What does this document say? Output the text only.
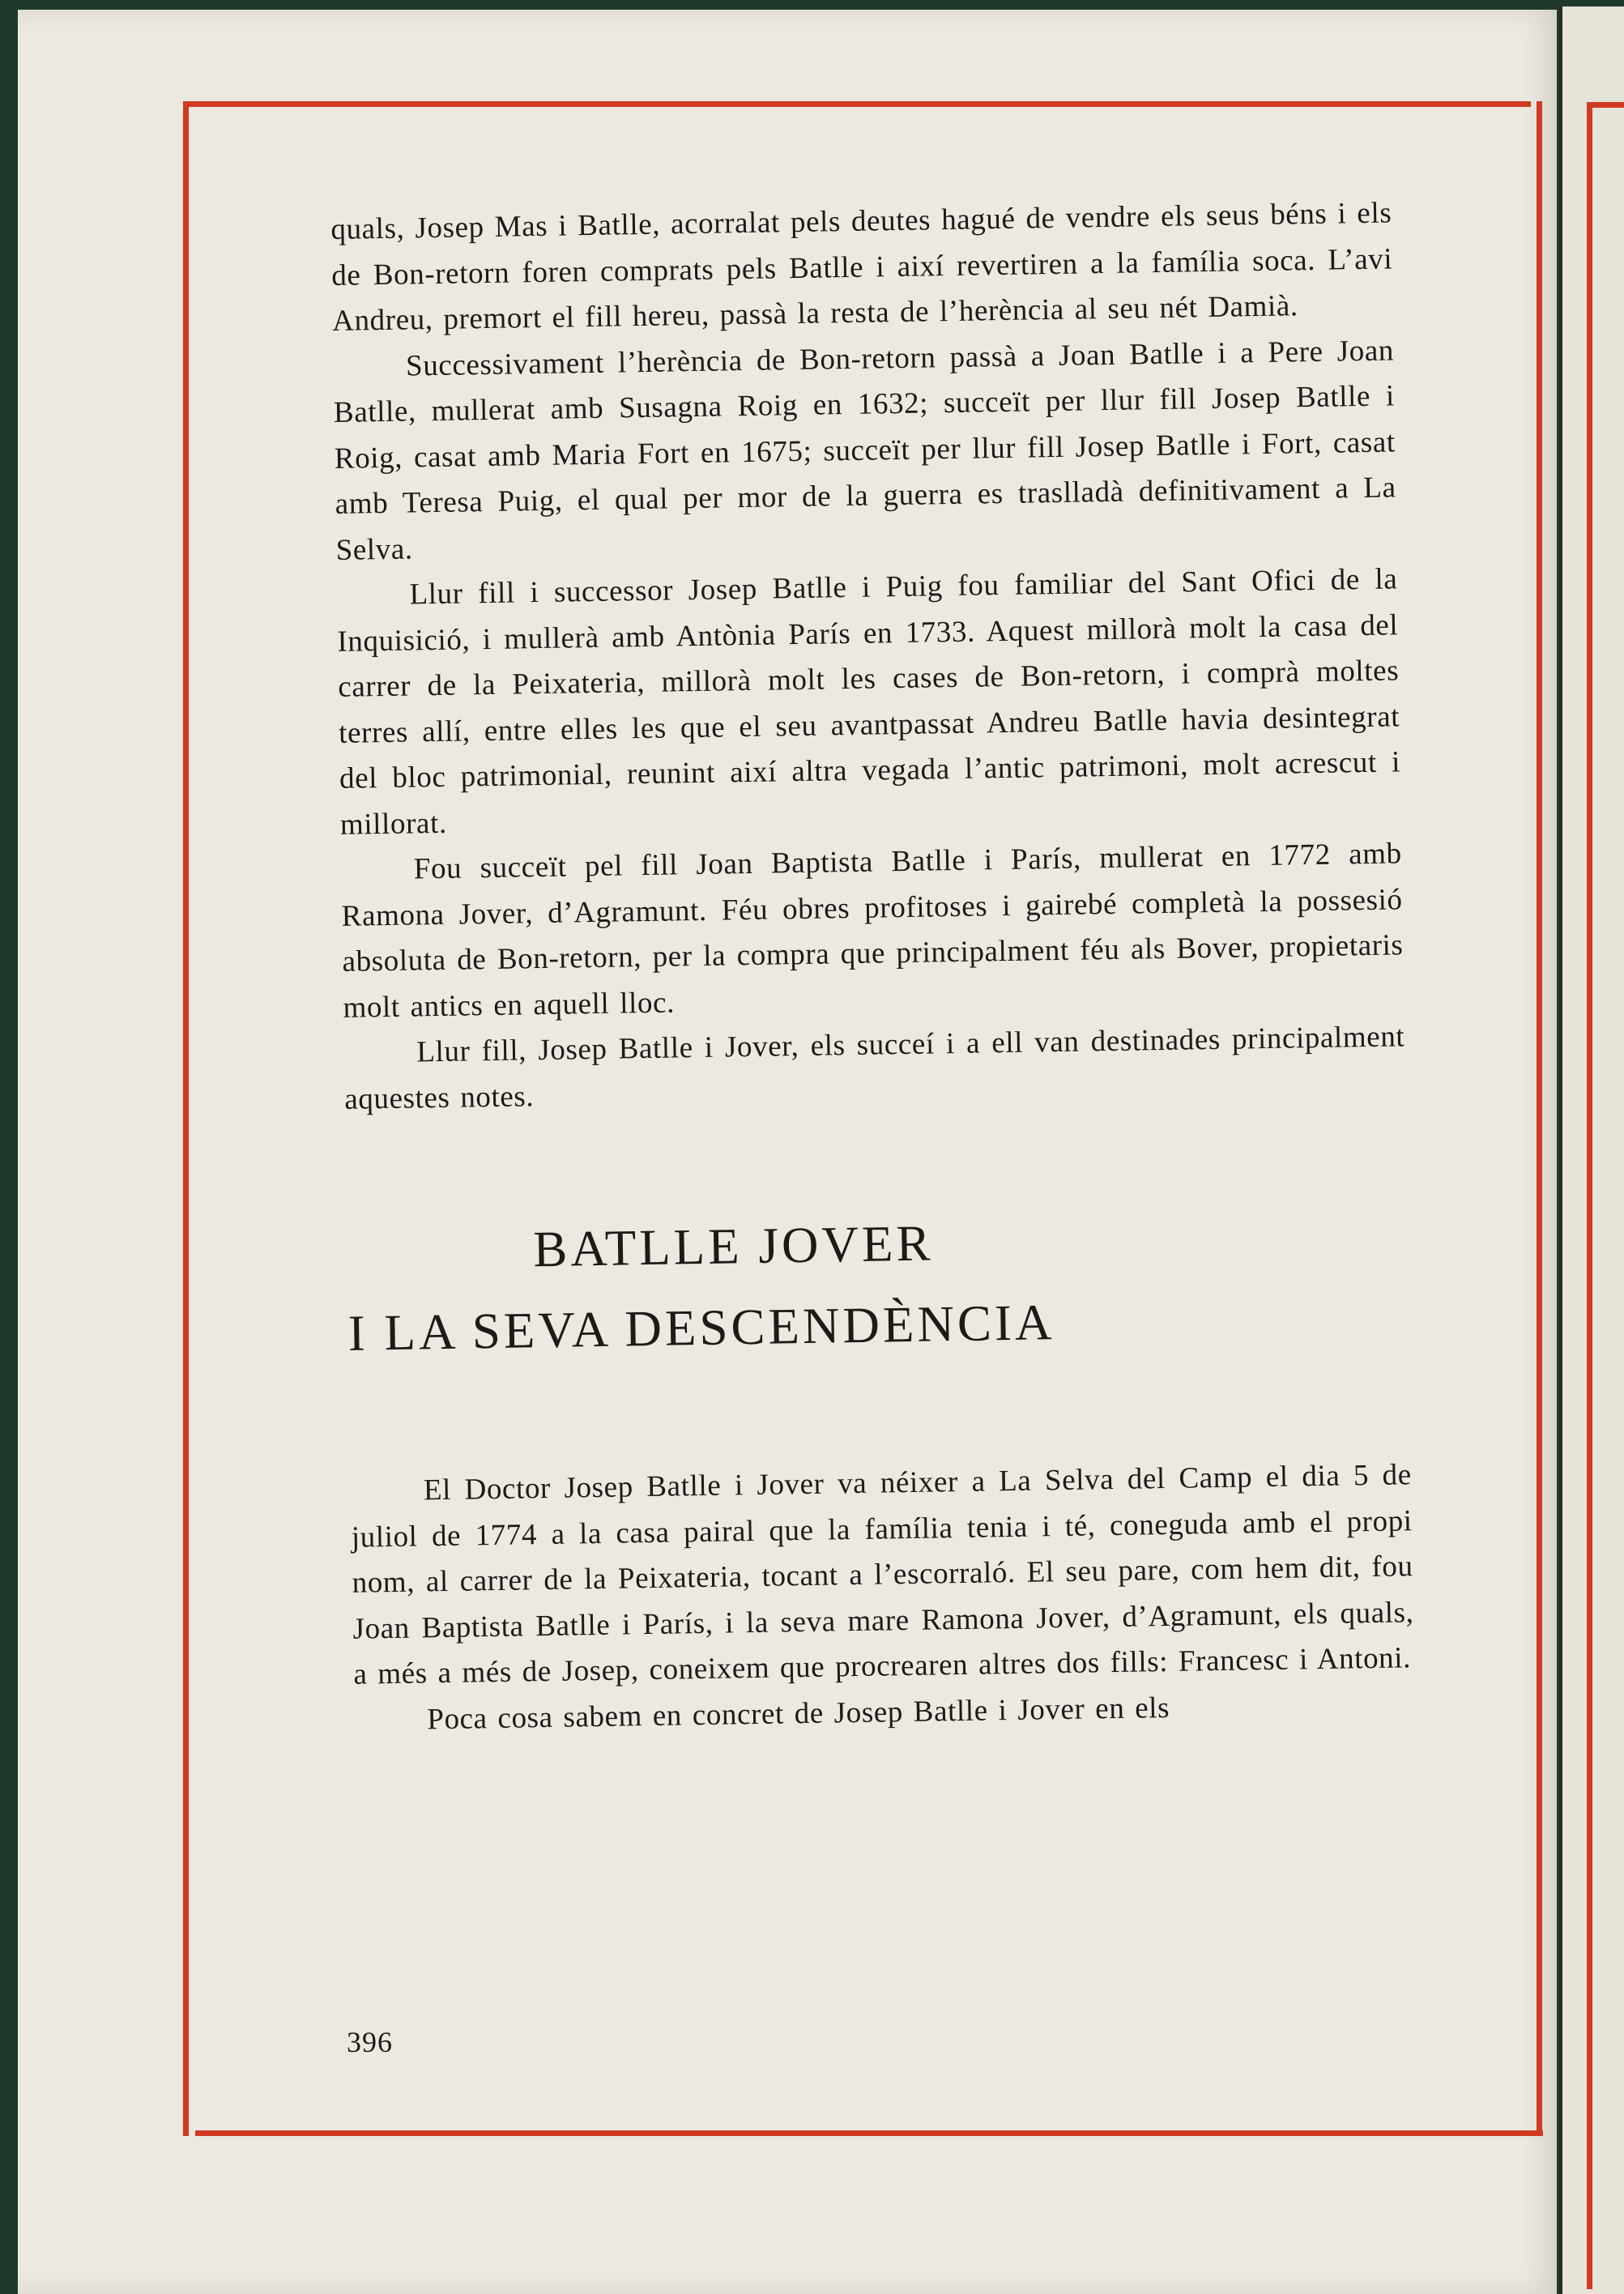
quals, Josep Mas i Batlle, acorralat pels deutes hagué de vendre els seus béns i els de Bon-retorn foren comprats pels Batlle i així revertiren a la família soca. L’avi Andreu, premort el fill hereu, passà la resta de l’herència al seu nét Damià.

Successivament l’herència de Bon-retorn passà a Joan Batlle i a Pere Joan Batlle, mullerat amb Susagna Roig en 1632; succeït per llur fill Josep Batlle i Roig, casat amb Maria Fort en 1675; succeït per llur fill Josep Batlle i Fort, casat amb Teresa Puig, el qual per mor de la guerra es traslladà definitivament a La Selva.

Llur fill i successor Josep Batlle i Puig fou familiar del Sant Ofici de la Inquisició, i mullerà amb Antònia París en 1733. Aquest millorà molt la casa del carrer de la Peixateria, millorà molt les cases de Bon-retorn, i comprà moltes terres allí, entre elles les que el seu avantpassat Andreu Batlle havia desintegrat del bloc patrimonial, reunint així altra vegada l’antic patrimoni, molt acrescut i millorat.

Fou succeït pel fill Joan Baptista Batlle i París, mullerat en 1772 amb Ramona Jover, d’Agramunt. Féu obres profitoses i gairebé completà la possesió absoluta de Bon-retorn, per la compra que principalment féu als Bover, propietaris molt antics en aquell lloc.

Llur fill, Josep Batlle i Jover, els succeí i a ell van destinades principalment aquestes notes.

BATLLE JOVER
I LA SEVA DESCENDÈNCIA

El Doctor Josep Batlle i Jover va néixer a La Selva del Camp el dia 5 de juliol de 1774 a la casa pairal que la família tenia i té, coneguda amb el propi nom, al carrer de la Peixateria, tocant a l’escorraló. El seu pare, com hem dit, fou Joan Baptista Batlle i París, i la seva mare Ramona Jover, d’Agramunt, els quals, a més a més de Josep, coneixem que procrearen altres dos fills: Francesc i Antoni.

Poca cosa sabem en concret de Josep Batlle i Jover en els

396
